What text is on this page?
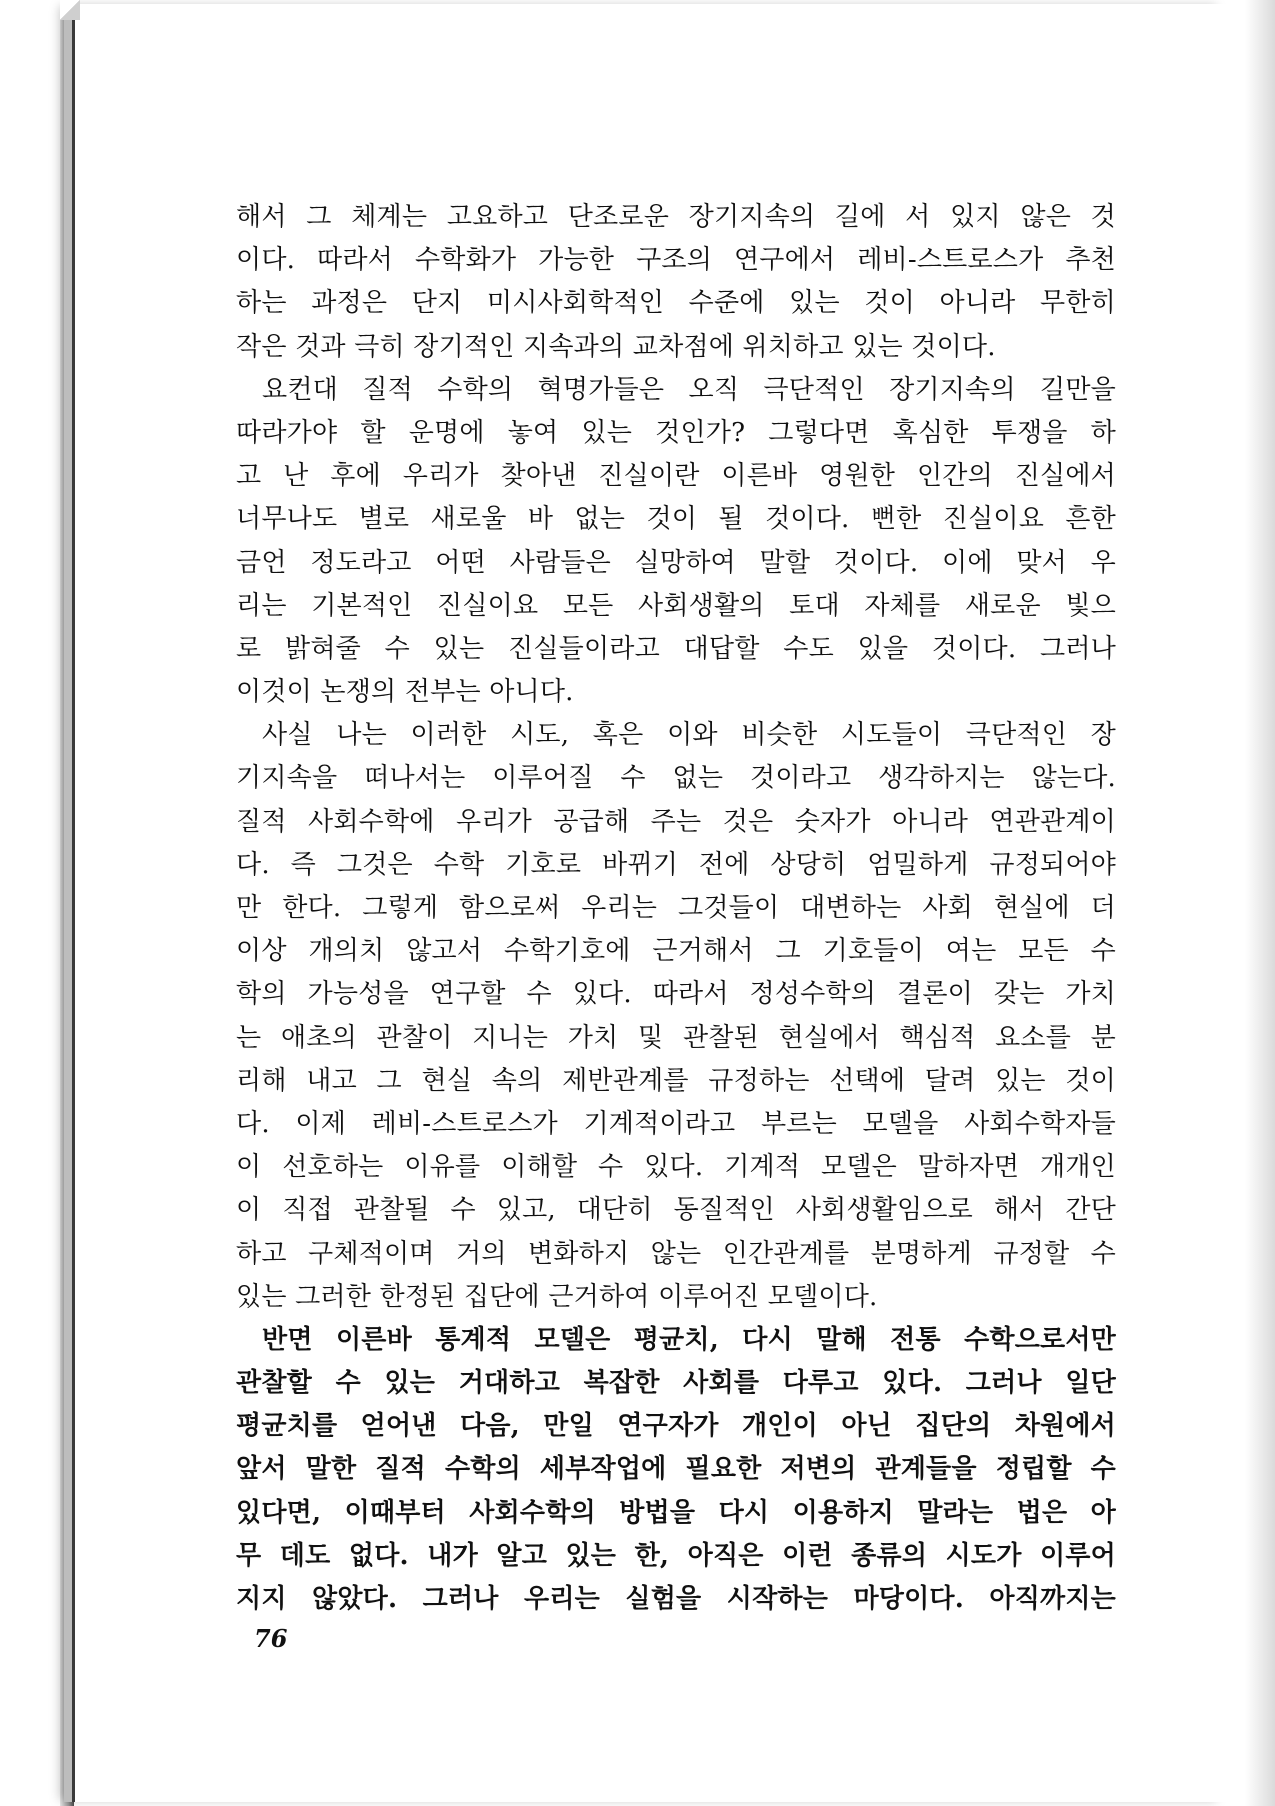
해서 그 체계는 고요하고 단조로운 장기지속의 길에 서 있지 않은 것
이다. 따라서 수학화가 가능한 구조의 연구에서 레비-스트로스가 추천
하는 과정은 단지 미시사회학적인 수준에 있는 것이 아니라 무한히
작은 것과 극히 장기적인 지속과의 교차점에 위치하고 있는 것이다.
요컨대 질적 수학의 혁명가들은 오직 극단적인 장기지속의 길만을
따라가야 할 운명에 놓여 있는 것인가? 그렇다면 혹심한 투쟁을 하
고 난 후에 우리가 찾아낸 진실이란 이른바 영원한 인간의 진실에서
너무나도 별로 새로울 바 없는 것이 될 것이다. 뻔한 진실이요 흔한
금언 정도라고 어떤 사람들은 실망하여 말할 것이다. 이에 맞서 우
리는 기본적인 진실이요 모든 사회생활의 토대 자체를 새로운 빛으
로 밝혀줄 수 있는 진실들이라고 대답할 수도 있을 것이다. 그러나
이것이 논쟁의 전부는 아니다.
사실 나는 이러한 시도, 혹은 이와 비슷한 시도들이 극단적인 장
기지속을 떠나서는 이루어질 수 없는 것이라고 생각하지는 않는다.
질적 사회수학에 우리가 공급해 주는 것은 숫자가 아니라 연관관계이
다. 즉 그것은 수학 기호로 바뀌기 전에 상당히 엄밀하게 규정되어야
만 한다. 그렇게 함으로써 우리는 그것들이 대변하는 사회 현실에 더
이상 개의치 않고서 수학기호에 근거해서 그 기호들이 여는 모든 수
학의 가능성을 연구할 수 있다. 따라서 정성수학의 결론이 갖는 가치
는 애초의 관찰이 지니는 가치 및 관찰된 현실에서 핵심적 요소를 분
리해 내고 그 현실 속의 제반관계를 규정하는 선택에 달려 있는 것이
다. 이제 레비-스트로스가 기계적이라고 부르는 모델을 사회수학자들
이 선호하는 이유를 이해할 수 있다. 기계적 모델은 말하자면 개개인
이 직접 관찰될 수 있고, 대단히 동질적인 사회생활임으로 해서 간단
하고 구체적이며 거의 변화하지 않는 인간관계를 분명하게 규정할 수
있는 그러한 한정된 집단에 근거하여 이루어진 모델이다.
반면 이른바 통계적 모델은 평균치, 다시 말해 전통 수학으로서만
관찰할 수 있는 거대하고 복잡한 사회를 다루고 있다. 그러나 일단
평균치를 얻어낸 다음, 만일 연구자가 개인이 아닌 집단의 차원에서
앞서 말한 질적 수학의 세부작업에 필요한 저변의 관계들을 정립할 수
있다면, 이때부터 사회수학의 방법을 다시 이용하지 말라는 법은 아
무 데도 없다. 내가 알고 있는 한, 아직은 이런 종류의 시도가 이루어
지지 않았다. 그러나 우리는 실험을 시작하는 마당이다. 아직까지는
76
